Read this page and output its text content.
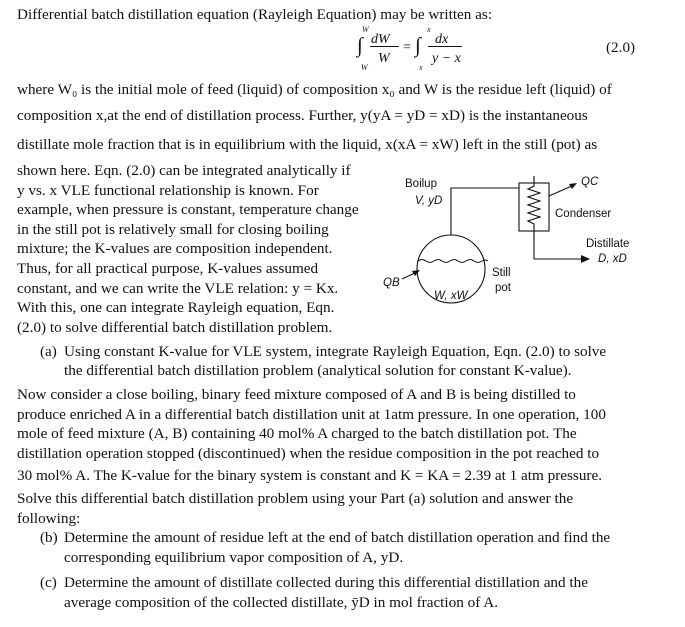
Differential batch distillation equation (Rayleigh Equation) may be written as:
W
∫
W
dW
W
=
x
∫
x
dx
y − x
(2.0)
where W₀ is the initial mole of feed (liquid) of composition x₀ and W is the residue left (liquid) of
composition x,at the end of distillation process. Further, y(yA = yD = xD) is the instantaneous
distillate mole fraction that is in equilibrium with the liquid, x(xA = xW) left in the still (pot) as
shown here. Eqn. (2.0) can be integrated analytically if
y vs. x VLE functional relationship is known. For
example, when pressure is constant, temperature change
in the still pot is relatively small for closing boiling
mixture; the K-values are composition independent.
Thus, for all practical purpose, K-values assumed
constant, and we can write the VLE relation: y = Kx.
With this, one can integrate Rayleigh equation, Eqn.
(2.0) to solve differential batch distillation problem.
Boilup
V, yD
QC
Condenser
Distillate
D, xD
Still
pot
QB
W, xW
(a) Using constant K-value for VLE system, integrate Rayleigh Equation, Eqn. (2.0) to solve
the differential batch distillation problem (analytical solution for constant K-value).
Now consider a close boiling, binary feed mixture composed of A and B is being distilled to
produce enriched A in a differential batch distillation unit at 1atm pressure. In one operation, 100
mole of feed mixture (A, B) containing 40 mol% A charged to the batch distillation pot. The
distillation operation stopped (discontinued) when the residue composition in the pot reached to
30 mol% A. The K-value for the binary system is constant and K = KA = 2.39 at 1 atm pressure.
Solve this differential batch distillation problem using your Part (a) solution and answer the
following:
(b) Determine the amount of residue left at the end of batch distillation operation and find the
corresponding equilibrium vapor composition of A, yD.
(c) Determine the amount of distillate collected during this differential distillation and the
average composition of the collected distillate, ȳD in mol fraction of A.
